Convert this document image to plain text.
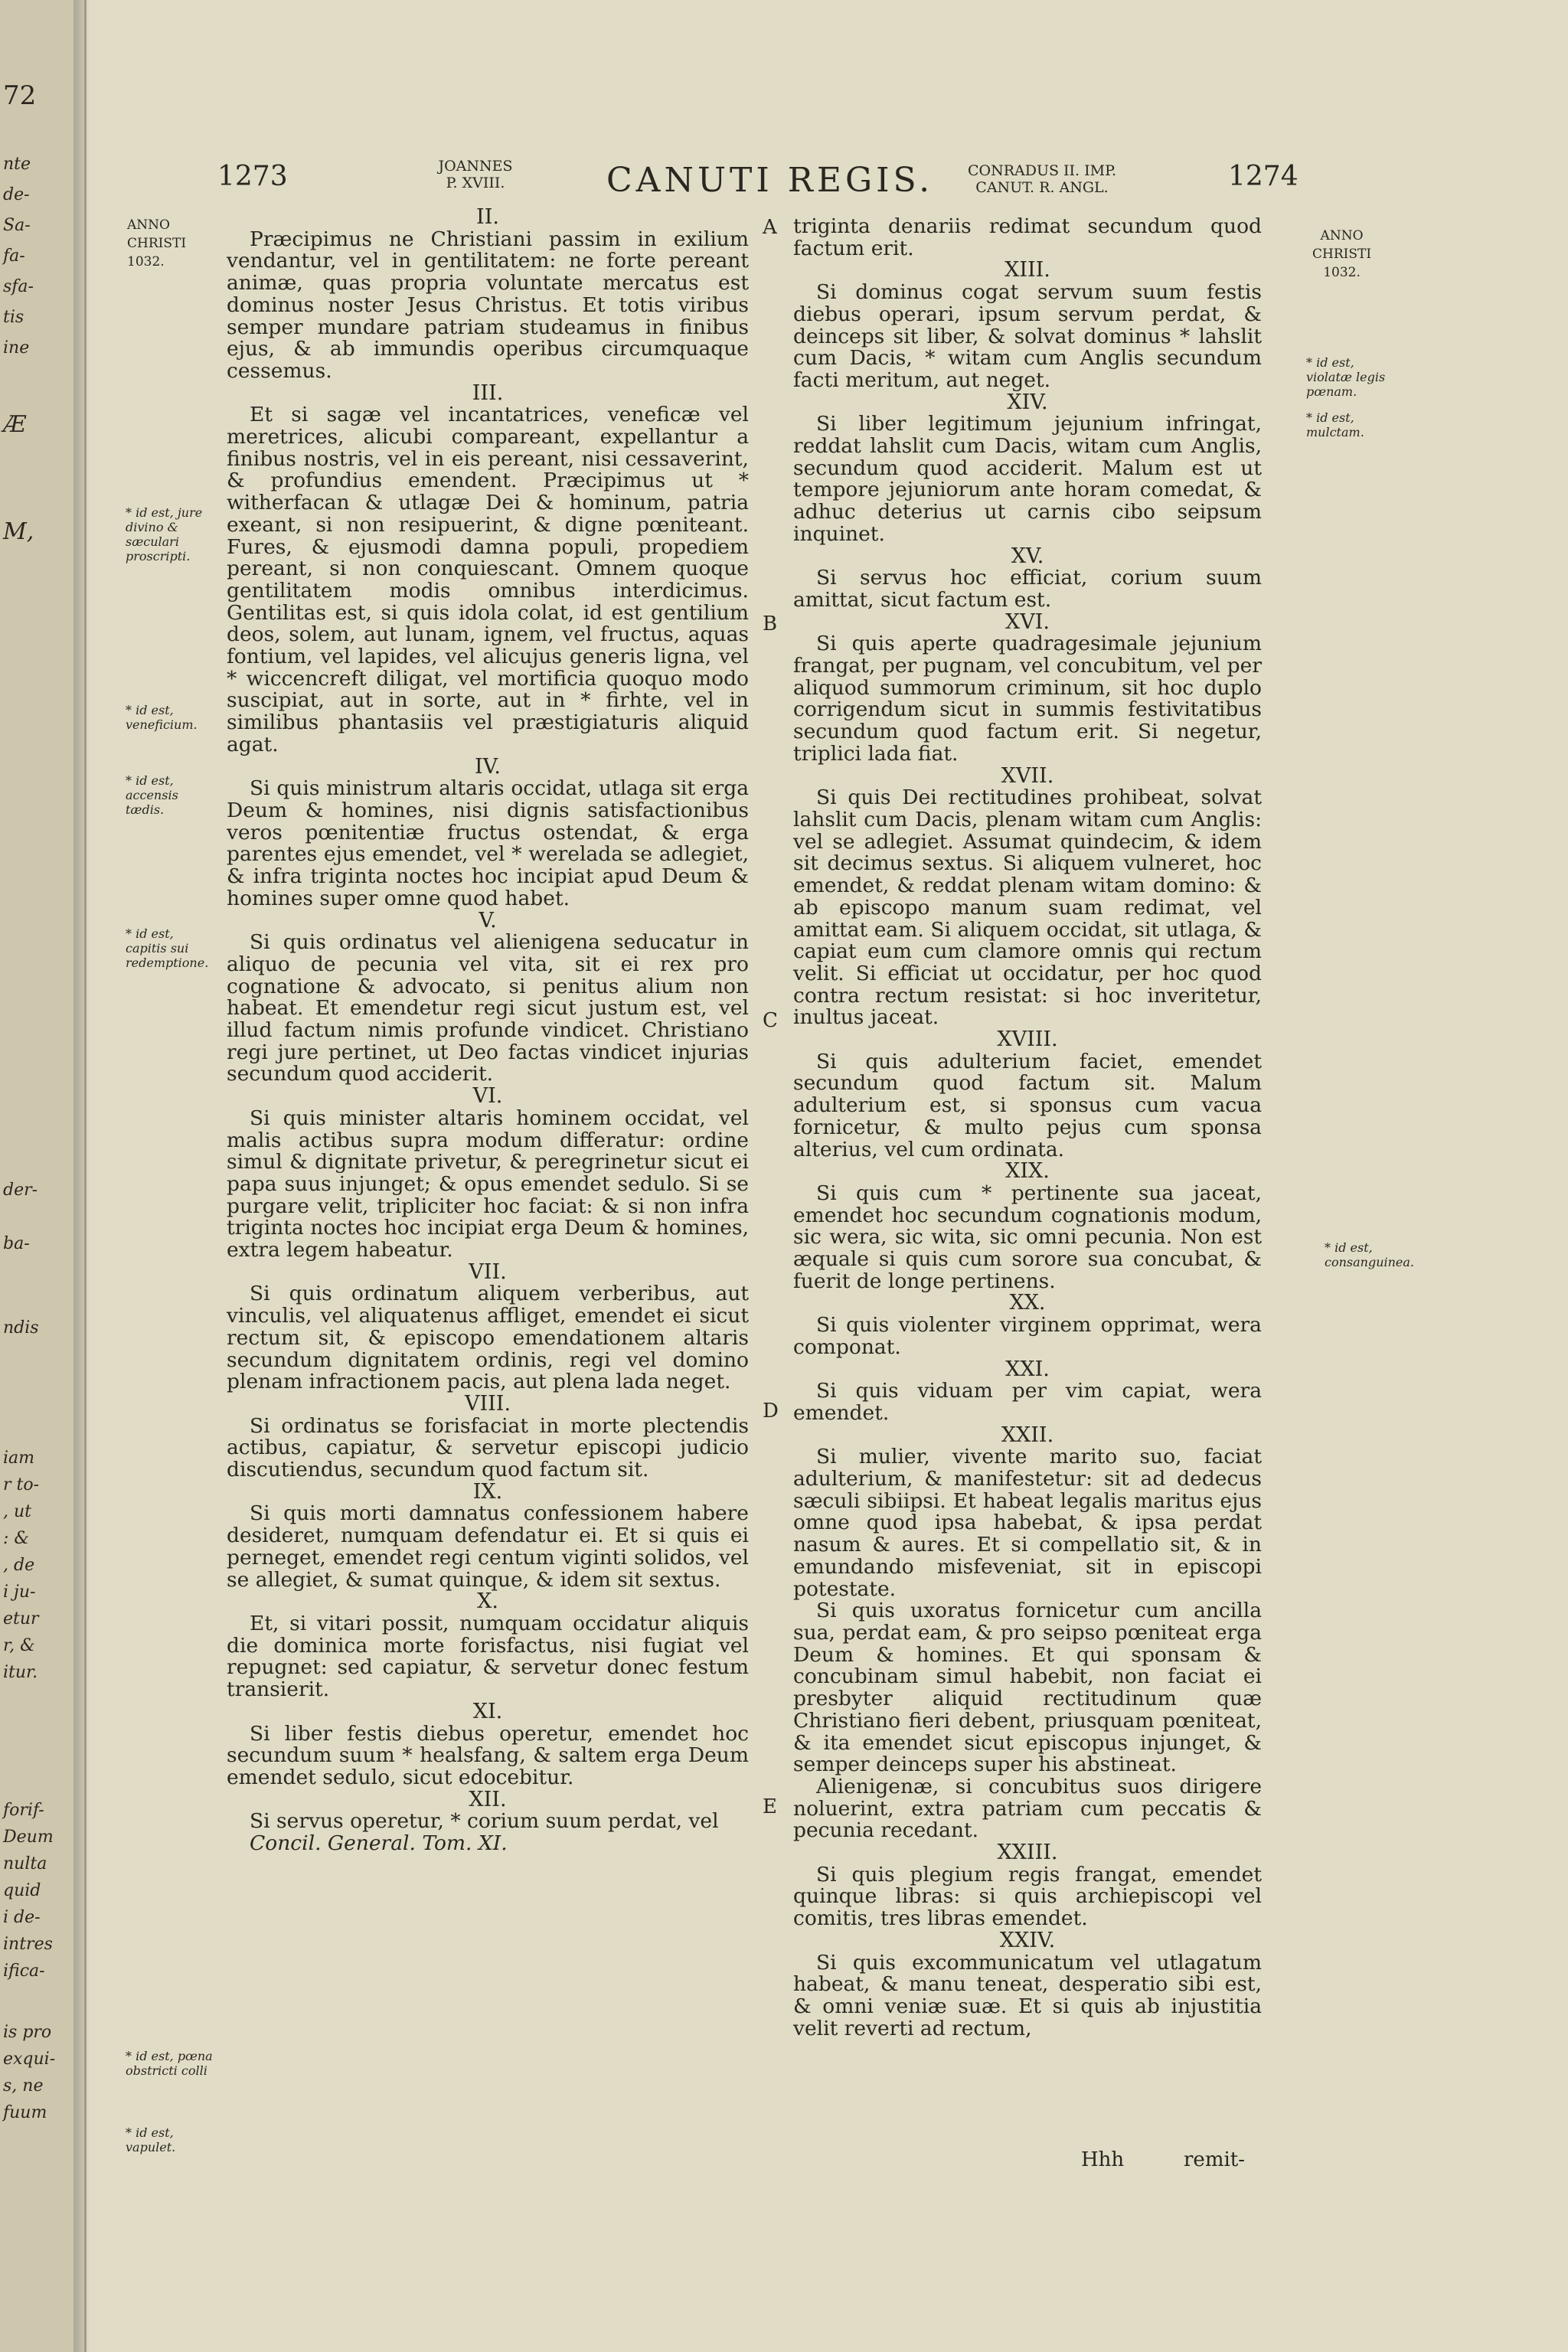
72
nte
de-
Sa-
fa-
sfa-
tis
ine
Æ
M,
der-
ba-
ndis
iam
r to-
, ut
: &
, de
i ju-
etur
r, &
itur.
forif-
Deum
nulta
quid
i de-
intres
ifica-
is pro
exqui-
s, ne
fuum
1273	JOANNES
P. XVIII.	CANUTI REGIS.	CONRADUS II. IMP.
CANUT. R. ANGL.	1274
ANNO
CHRISTI
1032.
* id est, jure divino & sæculari proscripti.
* id est, veneficium.
* id est, accensis tædis.
* id est, capitis sui redemptione.
* id est, pœna obstricti colli
* id est, vapulet.
II.

Præcipimus ne Christiani passim in exilium vendantur, vel in gentilitatem: ne forte pereant animæ, quas propria voluntate mercatus est dominus noster Jesus Christus. Et totis viribus semper mundare patriam studeamus in finibus ejus, & ab immundis operibus circumquaque cessemus.

III.

Et si sagæ vel incantatrices, veneficæ vel meretrices, alicubi compareant, expellantur a finibus nostris, vel in eis pereant, nisi cessaverint, & profundius emendent. Præcipimus ut * witherfacan & utlagæ Dei & hominum, patria exeant, si non resipuerint, & digne pœniteant. Fures, & ejusmodi damna populi, propediem pereant, si non conquiescant. Omnem quoque gentilitatem modis omnibus interdicimus. Gentilitas est, si quis idola colat, id est gentilium deos, solem, aut lunam, ignem, vel fructus, aquas fontium, vel lapides, vel alicujus generis ligna, vel * wiccencreft diligat, vel mortificia quoquo modo suscipiat, aut in sorte, aut in * firhte, vel in similibus phantasiis vel præstigiaturis aliquid agat.

IV.

Si quis ministrum altaris occidat, utlaga sit erga Deum & homines, nisi dignis satisfactionibus veros pœnitentiæ fructus ostendat, & erga parentes ejus emendet, vel * werelada se adlegiet, & infra triginta noctes hoc incipiat apud Deum & homines super omne quod habet.

V.

Si quis ordinatus vel alienigena seducatur in aliquo de pecunia vel vita, sit ei rex pro cognatione & advocato, si penitus alium non habeat. Et emendetur regi sicut justum est, vel illud factum nimis profunde vindicet. Christiano regi jure pertinet, ut Deo factas vindicet injurias secundum quod acciderit.

VI.

Si quis minister altaris hominem occidat, vel malis actibus supra modum differatur: ordine simul & dignitate privetur, & peregrinetur sicut ei papa suus injunget; & opus emendet sedulo. Si se purgare velit, tripliciter hoc faciat: & si non infra triginta noctes hoc incipiat erga Deum & homines, extra legem habeatur.

VII.

Si quis ordinatum aliquem verberibus, aut vinculis, vel aliquatenus affliget, emendet ei sicut rectum sit, & episcopo emendationem altaris secundum dignitatem ordinis, regi vel domino plenam infractionem pacis, aut plena lada neget.

VIII.

Si ordinatus se forisfaciat in morte plectendis actibus, capiatur, & servetur episcopi judicio discutiendus, secundum quod factum sit.

IX.

Si quis morti damnatus confessionem habere desideret, numquam defendatur ei. Et si quis ei perneget, emendet regi centum viginti solidos, vel se allegiet, & sumat quinque, & idem sit sextus.

X.

Et, si vitari possit, numquam occidatur aliquis die dominica morte forisfactus, nisi fugiat vel repugnet: sed capiatur, & servetur donec festum transierit.

XI.

Si liber festis diebus operetur, emendet hoc secundum suum * healsfang, & saltem erga Deum emendet sedulo, sicut edocebitur.

XII.

Si servus operetur, * corium suum perdat, vel

Concil. General. Tom. XI.

A
B
C
D
E

triginta denariis redimat secundum quod factum erit.

XIII.

Si dominus cogat servum suum festis diebus operari, ipsum servum perdat, & deinceps sit liber, & solvat dominus * lahslit cum Dacis, * witam cum Anglis secundum facti meritum, aut neget.

XIV.

Si liber legitimum jejunium infringat, reddat lahslit cum Dacis, witam cum Anglis, secundum quod acciderit. Malum est ut tempore jejuniorum ante horam comedat, & adhuc deterius ut carnis cibo seipsum inquinet.

XV.

Si servus hoc efficiat, corium suum amittat, sicut factum est.

XVI.

Si quis aperte quadragesimale jejunium frangat, per pugnam, vel concubitum, vel per aliquod summorum criminum, sit hoc duplo corrigendum sicut in summis festivitatibus secundum quod factum erit. Si negetur, triplici lada fiat.

XVII.

Si quis Dei rectitudines prohibeat, solvat lahslit cum Dacis, plenam witam cum Anglis: vel se adlegiet. Assumat quindecim, & idem sit decimus sextus. Si aliquem vulneret, hoc emendet, & reddat plenam witam domino: & ab episcopo manum suam redimat, vel amittat eam. Si aliquem occidat, sit utlaga, & capiat eum cum clamore omnis qui rectum velit. Si efficiat ut occidatur, per hoc quod contra rectum resistat: si hoc inveritetur, inultus jaceat.

XVIII.

Si quis adulterium faciet, emendet secundum quod factum sit. Malum adulterium est, si sponsus cum vacua fornicetur, & multo pejus cum sponsa alterius, vel cum ordinata.

XIX.

Si quis cum * pertinente sua jaceat, emendet hoc secundum cognationis modum, sic wera, sic wita, sic omni pecunia. Non est æquale si quis cum sorore sua concubat, & fuerit de longe pertinens.

XX.

Si quis violenter virginem opprimat, wera componat.

XXI.

Si quis viduam per vim capiat, wera emendet.

XXII.

Si mulier, vivente marito suo, faciat adulterium, & manifestetur: sit ad dedecus sæculi sibiipsi. Et habeat legalis maritus ejus omne quod ipsa habebat, & ipsa perdat nasum & aures. Et si compellatio sit, & in emundando misfeveniat, sit in episcopi potestate.

Si quis uxoratus fornicetur cum ancilla sua, perdat eam, & pro seipso pœniteat erga Deum & homines. Et qui sponsam & concubinam simul habebit, non faciat ei presbyter aliquid rectitudinum quæ Christiano fieri debent, priusquam pœniteat, & ita emendet sicut episcopus injunget, & semper deinceps super his abstineat.

Alienigenæ, si concubitus suos dirigere noluerint, extra patriam cum peccatis & pecunia recedant.

XXIII.

Si quis plegium regis frangat, emendet quinque libras: si quis archiepiscopi vel comitis, tres libras emendet.

XXIV.

Si quis excommunicatum vel utlagatum habeat, & manu teneat, desperatio sibi est, & omni veniæ suæ. Et si quis ab injustitia velit reverti ad rectum,

Hhh	remit-
ANNO
CHRISTI
1032.
* id est, violatæ legis pœnam.
* id est, mulctam.
* id est, consanguinea.
